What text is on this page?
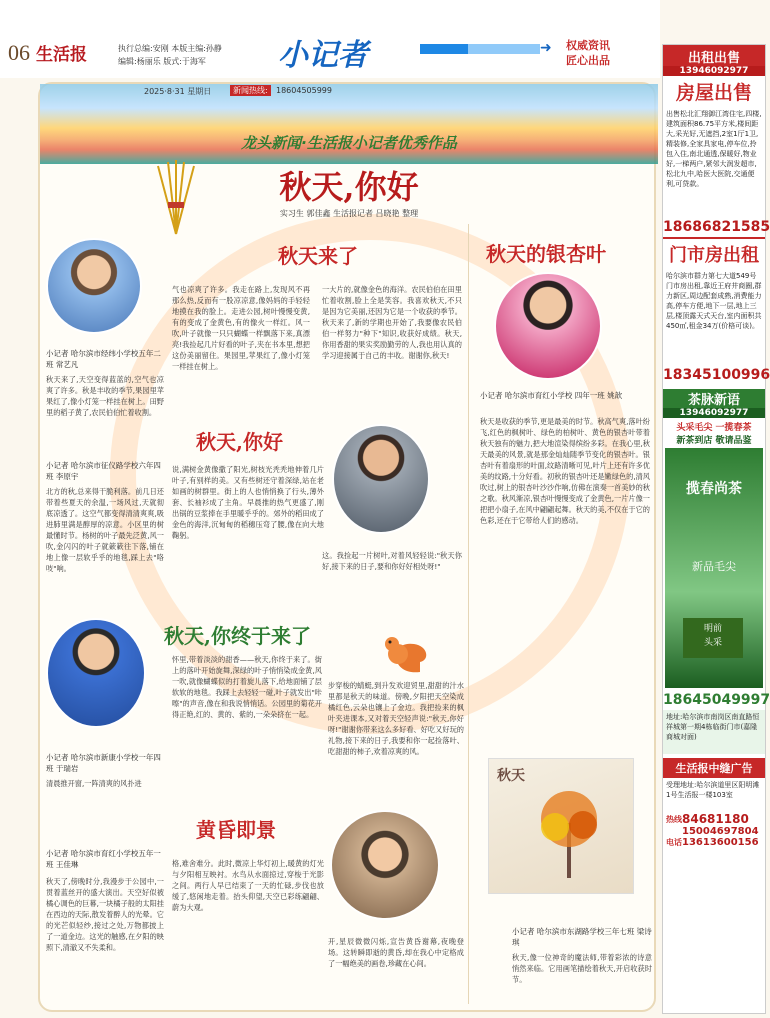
06 生活报	执行总编:安刚 本版主编:孙静
编辑:杨丽乐 版式:于海军	小记者	➜ 权威资讯
匠心出品
2025·8·31 星期日	新闻热线:	18604505999
龙头新闻·生活报小记者优秀作品
秋天,你好
实习生 郭佳鑫 生活报记者 吕晓艳 整理
秋天来了
小记者 哈尔滨市经纬小学校五年二班 常艺凡
秋天来了,天空变得蓝蓝的,空气也凉爽了许多。秋是丰收的季节,果园里苹果红了,像小灯笼一样挂在树上。田野里的稻子黄了,农民伯伯忙着收割。
气也凉爽了许多。我走在路上,发现风不再那么热,反而有一股凉凉意,像妈妈的手轻轻地摸在我的脸上。走进公园,树叶慢慢变黄,有的变成了金黄色,有的像火一样红。风一吹,叶子就像一只只蝴蝶一样飘落下来,真漂亮!我捡起几片好看的叶子,夹在书本里,想把这份美丽留住。果园里,苹果红了,像小灯笼一样挂在树上。
一大片的,就像金色的海洋。农民伯伯在田里忙着收割,脸上全是笑容。我喜欢秋天,不只是因为它美丽,还因为它是一个收获的季节。秋天来了,新的学期也开始了,我要像农民伯伯一样努力"种下"知识,收获好成绩。秋天,你用香甜的果实奖励勤劳的人,我也用认真的学习迎接属于自己的丰收。谢谢你,秋天!
秋天,你好
小记者 哈尔滨市征仪路学校六年四班 李原宇
北方的秋,总来得干脆利落。前几日还带着些夏天的余温,一场风过,天就彻底凉透了。这空气都变得清清爽爽,吸进肺里满是醇厚的凉意。小区里的树最懂时节。杨树的叶子最先泛黄,风一吹,金闪闪的叶子就簌簌往下落,铺在地上像一层软乎乎的地毯,踩上去"咯吱"响。
说,满树金黄像撒了阳光,树枝光秃秃地伸着几片叶子,有别样的美。又有些树还守着深绿,站在老如画的树群里。街上的人也悄悄换了行头,薄外套、长袖衫成了主角。早晨推的热气更盛了,刚出锅的豆浆捧在手里暖乎乎的。郊外的稻田成了金色的海洋,沉甸甸的稻穗压弯了腰,像在向大地鞠躬。
这。我捡起一片树叶,对着风轻轻说:"秋天你好,接下来的日子,要和你好好相处呀!"
秋天,你终于来了
小记者 哈尔滨市新康小学校一年四班 于瑞岩
清晨推开窗,一阵清爽的风扑进
怀里,带着淡淡的甜香——秋天,你终于来了。街上的落叶开始旋舞,深绿的叶子悄悄染成金黄,风一吹,就像蝴蝶似的打着旋儿落下,给地面铺了层软软的地毯。我踩上去轻轻一碰,叶子就发出"咔嚓"的声音,像在和我说悄悄话。公园里的菊花开得正艳,红的、黄的、紫的,一朵朵挤在一起。
步穿梭的蜻蜓,到升发欢迎贸里,甜甜的汁水里都是秋天的味道。傍晚,夕阳把天空染成橘红色,云朵也镶上了金边。我把捡来的枫叶夹进课本,又对着天空轻声说:"秋天,你好呀!"谢谢你带来这么多好看、好吃又好玩的礼物,接下来的日子,我要和你一起捡落叶、吃甜甜的柿子,欢着凉爽的风。
黄昏即景
小记者 哈尔滨市育红小学校五年一班 王佳琳
秋天了,傍晚时分,我漫步于公园中,一贯着蓝丝开的盛大演出。天空好似被橘心调色的巨幕,一块橘子般的太阳挂在西边的天际,散发着醉人的光晕。它的光芒似轻纱,接过之处,万物都披上了一道金边。这光的触感,在夕阳的映照下,清澈又不失柔和。
格,难舍难分。此时,微凉上华灯初上,暖黄的灯光与夕阳相互映衬。水鸟从水面掠过,穿梭于光影之间。两行人早已结束了一天的忙碌,步伐也放缓了,悠闲地走着。抬头仰望,天空已彩练翩翩、蔚为大观。
开,星辰微微闪烁,宣告黄昏谢幕,夜晚登场。这转瞬即逝的黄昏,却在我心中定格成了一幅绝美的画卷,珍藏在心间。
秋天的银杏叶
小记者 哈尔滨市育红小学校 四年一班 姚歆
秋天是收获的季节,更是最美的时节。秋高气爽,落叶纷飞,红色的枫树叶、绿色的柏树叶、黄色的银杏叶带着秋天独有的魅力,把大地渲染得缤纷多彩。在我心里,秋天最美的风景,就是那金灿灿随季节变化的银杏叶。银杏叶有着扇形的叶面,纹路清晰可见,叶片上还有许多优美的纹路,十分好看。初秋的银杏叶还是嫩绿色的,清风吹过,树上的银杏叶沙沙作响,仿佛在演奏一首美妙的秋之歌。秋风渐凉,银杏叶慢慢变成了金黄色,一片片像一把把小扇子,在风中翩翩起舞。秋天的美,不仅在于它的色彩,还在于它带给人们的感动。
秋天
小记者 哈尔滨市东湖路学校三年七班 梁诗琪
秋天,像一位神奇的魔法师,带着彩浓的诗意悄然来临。它用画笔描绘着秋天,开启收获时节。
出租出售
13946092977
房屋出售
出售松北汇翔御江湾住宅,四楼,建筑面积86.75平方米,楼间距大,采光好,无遮挡,2室1厅1卫,精装修,全家具家电,停车位,拎包入住,南北通透,保暖好,物业好,一梯两户,紧邻大润发超市,松北九中,哈医大医院,交通便利,可贷款。
18686821585
门市房出租
哈尔滨市群力第七大道549号门市房出租,靠近王府井商圈,群力新区,周边配套成熟,消费能力高,停车方便,地下一层,地上三层,楼顶露天式天台,室内面积共450㎡,租金34万(价格可谈)。
18345100996
茶脉新语
13946092977
头采毛尖 一揽春茶
新茶到店 敬请品鉴
揽春尚茶
新品毛尖
明前
头采
18645049997
地址:哈尔滨市南岗区南直路恒祥城第一期4栋临街门市(嘉隆商城对面)
生活报中缝广告
受理地址:哈尔滨道里区阳明滩1号生活报一楼103室
热线 84681180
15004697804
电话 13613600156
